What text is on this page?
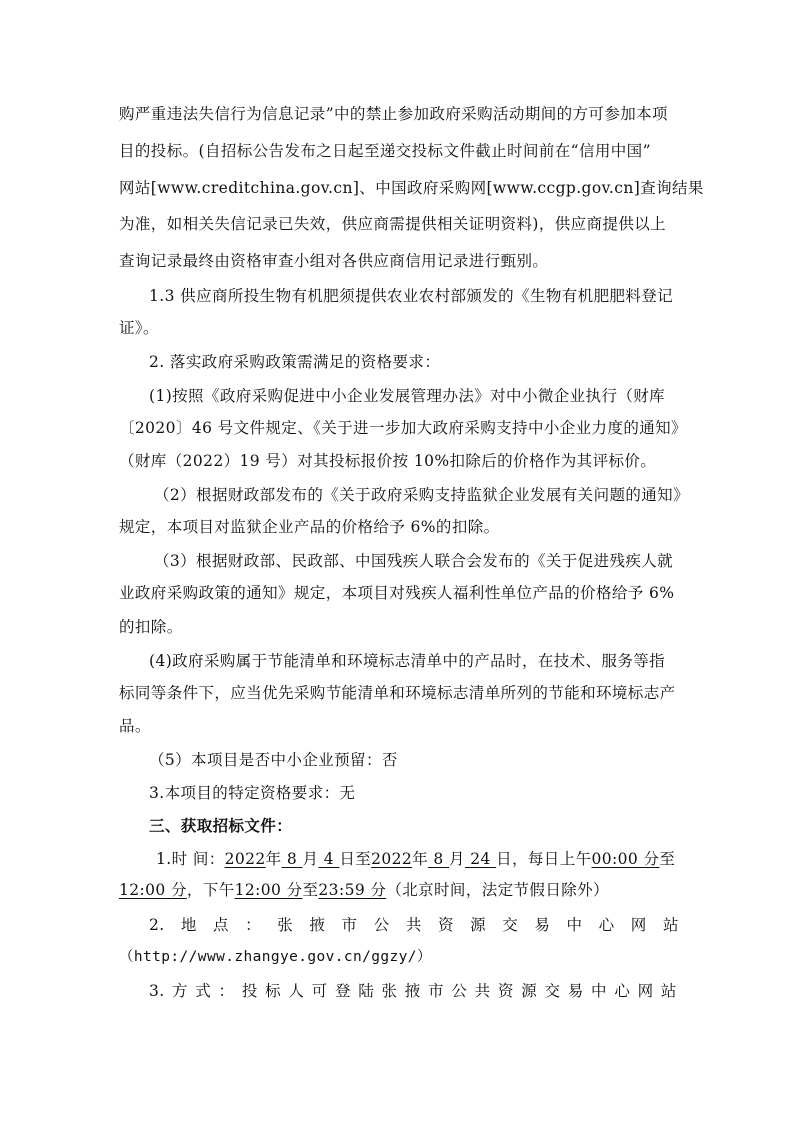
购严重违法失信行为信息记录”中的禁止参加政府采购活动期间的方可参加本项
目的投标。(自招标公告发布之日起至递交投标文件截止时间前在“信用中国”
网站[www.creditchina.gov.cn]、中国政府采购网[www.ccgp.gov.cn]查询结果
为准，如相关失信记录已失效，供应商需提供相关证明资料)，供应商提供以上
查询记录最终由资格审查小组对各供应商信用记录进行甄别。
1.3 供应商所投生物有机肥须提供农业农村部颁发的《生物有机肥肥料登记
证》。
2. 落实政府采购政策需满足的资格要求：
(1)按照《政府采购促进中小企业发展管理办法》对中小微企业执行（财库
〔2020〕46 号文件规定、《关于进一步加大政府采购支持中小企业力度的通知》
（财库（2022）19 号）对其投标报价按 10%扣除后的价格作为其评标价。
（2）根据财政部发布的《关于政府采购支持监狱企业发展有关问题的通知》
规定，本项目对监狱企业产品的价格给予 6%的扣除。
（3）根据财政部、民政部、中国残疾人联合会发布的《关于促进残疾人就
业政府采购政策的通知》规定，本项目对残疾人福利性单位产品的价格给予 6%
的扣除。
(4)政府采购属于节能清单和环境标志清单中的产品时，在技术、服务等指
标同等条件下，应当优先采购节能清单和环境标志清单所列的节能和环境标志产
品。
（5）本项目是否中小企业预留：否
3.本项目的特定资格要求：无
三、获取招标文件：
1.时 间：2022年 8 月 4 日至2022年 8 月 24 日，每日上午00:00 分至
12:00 分，下午12:00 分至23:59 分（北京时间，法定节假日除外）
2. 地 点 ： 张 掖 市 公 共 资 源 交 易 中 心 网 站
（http://www.zhangye.gov.cn/ggzy/）
3. 方 式 ： 投 标 人 可 登 陆 张 掖 市 公 共 资 源 交 易 中 心 网 站
